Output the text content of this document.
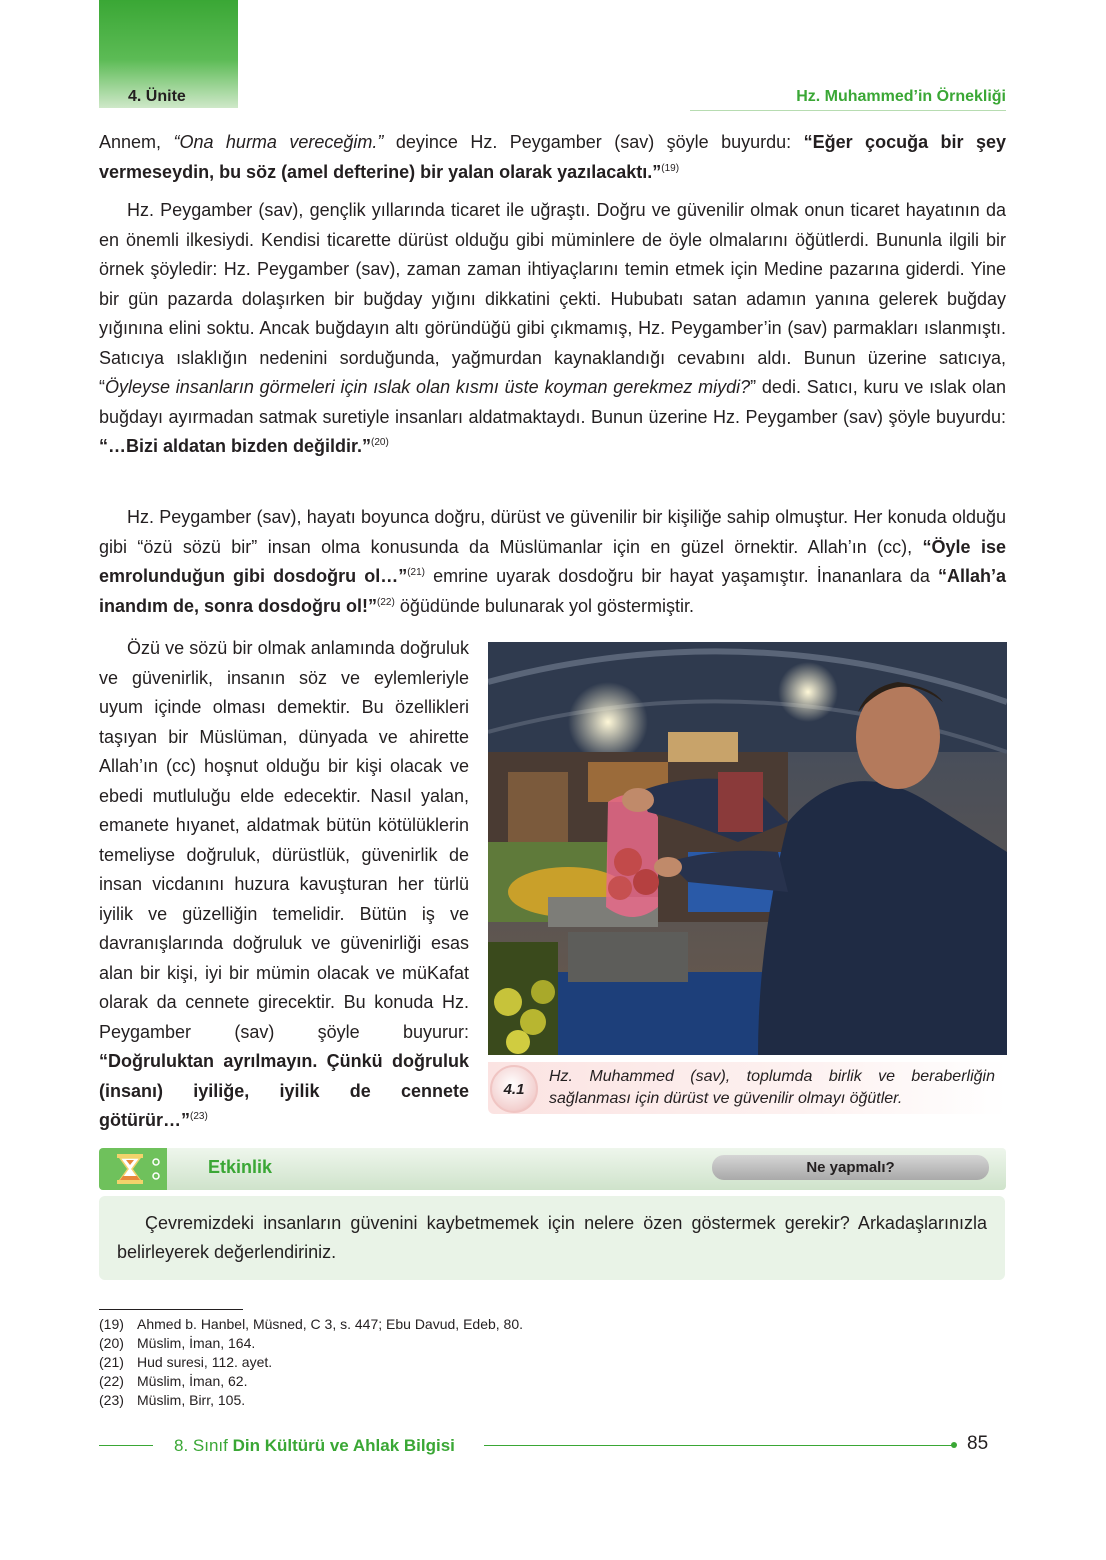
4. Ünite	Hz. Muhammed’in Örnekliği
Annem, “Ona hurma vereceğim.” deyince Hz. Peygamber (sav) şöyle buyurdu: “Eğer çocuğa bir şey vermeseydin, bu söz (amel defterine) bir yalan olarak yazılacaktı.”$^{(19)}$
Hz. Peygamber (sav), gençlik yıllarında ticaret ile uğraştı. Doğru ve güvenilir olmak onun ticaret hayatının da en önemli ilkesiydi. Kendisi ticarette dürüst olduğu gibi müminlere de öyle olmalarını öğütlerdi. Bununla ilgili bir örnek şöyledir: Hz. Peygamber (sav), zaman zaman ihtiyaçlarını temin etmek için Medine pazarına giderdi. Yine bir gün pazarda dolaşırken bir buğday yığını dikkatini çekti. Hububatı satan adamın yanına gelerek buğday yığınına elini soktu. Ancak buğdayın altı göründüğü gibi çıkmamış, Hz. Peygamber’in (sav) parmakları ıslanmıştı. Satıcıya ıslaklığın nedenini sorduğunda, yağmurdan kaynaklandığı cevabını aldı. Bunun üzerine satıcıya, “Öyleyse insanların görmeleri için ıslak olan kısmı üste koyman gerekmez miydi?” dedi. Satıcı, kuru ve ıslak olan buğdayı ayırmadan satmak suretiyle insanları aldatmaktaydı. Bunun üzerine Hz. Peygamber (sav) şöyle buyurdu: “…Bizi aldatan bizden değildir.”$^{(20)}$
Hz. Peygamber (sav), hayatı boyunca doğru, dürüst ve güvenilir bir kişiliğe sahip olmuştur. Her konuda olduğu gibi “özü sözü bir” insan olma konusunda da Müslümanlar için en güzel örnektir. Allah’ın (cc), “Öyle ise emrolunduğun gibi dosdoğru ol…”$^{(21)}$ emrine uyarak dosdoğru bir hayat yaşamıştır. İnananlara da “Allah’a inandım de, sonra dosdoğru ol!”$^{(22)}$ öğüdünde bulunarak yol göstermiştir.
Özü ve sözü bir olmak anlamında doğruluk ve güvenirlik, insanın söz ve eylemleriyle uyum içinde olması demektir. Bu özellikleri taşıyan bir Müslüman, dünyada ve ahirette Allah’ın (cc) hoşnut olduğu bir kişi olacak ve ebedi mutluluğu elde edecektir. Nasıl yalan, emanete hıyanet, aldatmak bütün kötülüklerin temeliyse doğruluk, dürüstlük, güvenirlik de insan vicdanını huzura kavuşturan her türlü iyilik ve güzelliğin temelidir. Bütün iş ve davranışlarında doğruluk ve güvenirliği esas alan bir kişi, iyi bir mümin olacak ve müKafat olarak da cennete girecektir. Bu konuda Hz. Peygamber (sav) şöyle buyurur: “Doğruluktan ayrılmayın. Çünkü doğruluk (insanı) iyiliğe, iyilik de cennete götürür…”$^{(23)}$
4.1
Hz. Muhammed (sav), toplumda birlik ve beraberliğin sağlanması için dürüst ve güvenilir olmayı öğütler.
Etkinlik	Ne yapmalı?
Çevremizdeki insanların güvenini kaybetmemek için nelere özen göstermek gerekir? Arkadaşlarınızla belirleyerek değerlendiriniz.
(19) Ahmed b. Hanbel, Müsned, C 3, s. 447; Ebu Davud, Edeb, 80.
(20) Müslim, İman, 164.
(21) Hud suresi, 112. ayet.
(22) Müslim, İman, 62.
(23) Müslim, Birr, 105.
8. Sınıf Din Kültürü ve Ahlak Bilgisi	85
